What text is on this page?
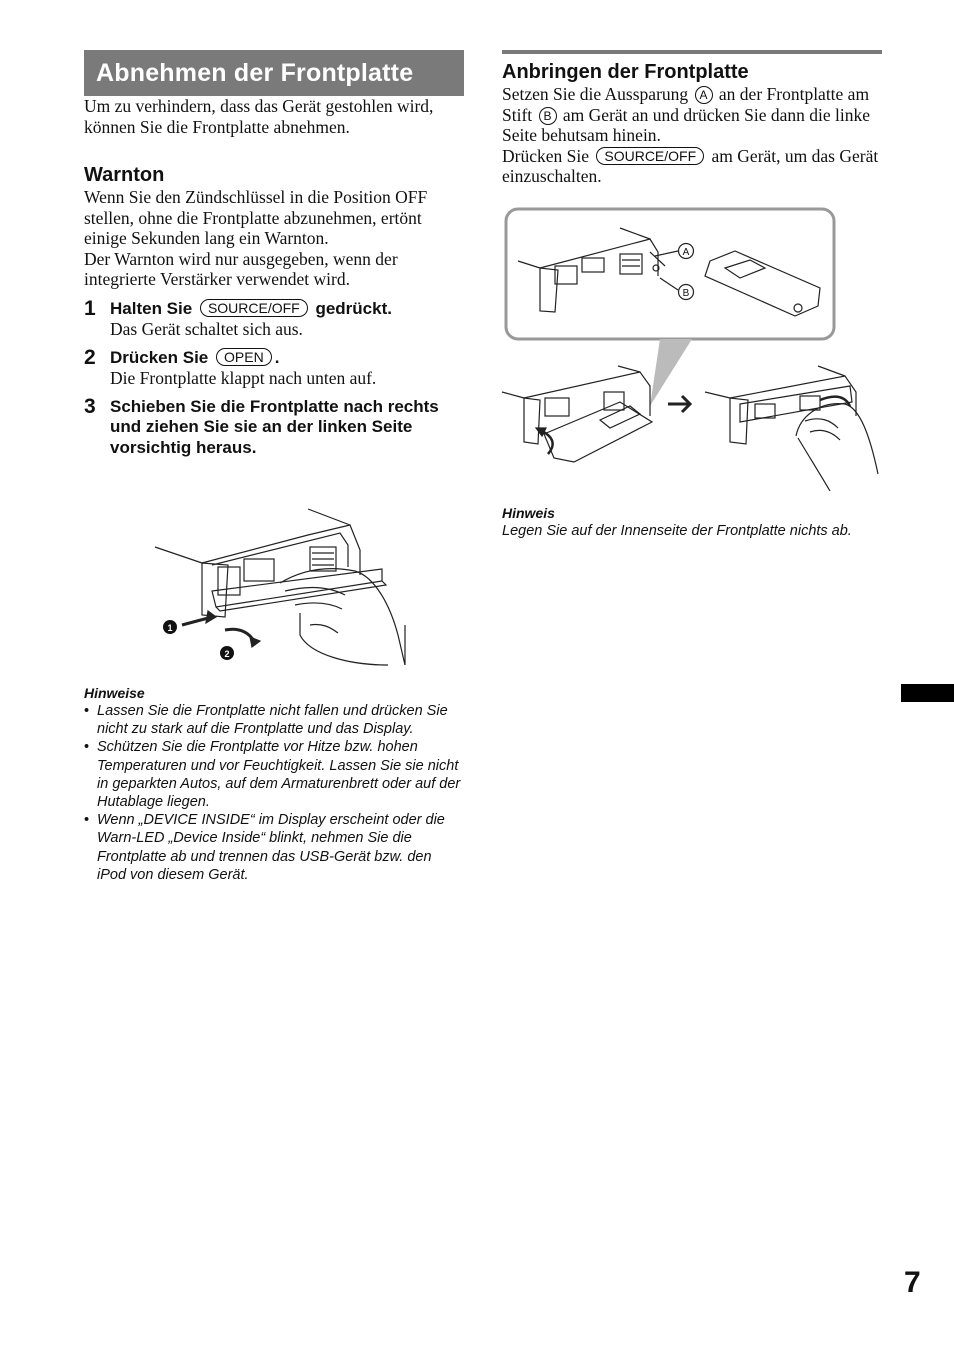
Abnehmen der Frontplatte

Um zu verhindern, dass das Gerät gestohlen wird, können Sie die Frontplatte abnehmen.

Warnton

Wenn Sie den Zündschlüssel in die Position OFF stellen, ohne die Frontplatte abzunehmen, ertönt einige Sekunden lang ein Warnton.

Der Warnton wird nur ausgegeben, wenn der integrierte Verstärker verwendet wird.

1 Halten Sie SOURCE/OFF gedrückt.

Das Gerät schaltet sich aus.

2 Drücken Sie OPEN .

Die Frontplatte klappt nach unten auf.

3 Schieben Sie die Frontplatte nach rechts und ziehen Sie sie an der linken Seite vorsichtig heraus.
1
2
Hinweise
• Lassen Sie die Frontplatte nicht fallen und drücken Sie nicht zu stark auf die Frontplatte und das Display.
• Schützen Sie die Frontplatte vor Hitze bzw. hohen Temperaturen und vor Feuchtigkeit. Lassen Sie sie nicht in geparkten Autos, auf dem Armaturenbrett oder auf der Hutablage liegen.
• Wenn „DEVICE INSIDE“ im Display erscheint oder die Warn-LED „Device Inside“ blinkt, nehmen Sie die Frontplatte ab und trennen das USB-Gerät bzw. den iPod von diesem Gerät.
Anbringen der Frontplatte

Setzen Sie die Aussparung A an der Frontplatte am Stift B am Gerät an und drücken Sie dann die linke Seite behutsam hinein.

Drücken Sie SOURCE/OFF am Gerät, um das Gerät einzuschalten.

A
B
Hinweis
Legen Sie auf der Innenseite der Frontplatte nichts ab.
7
